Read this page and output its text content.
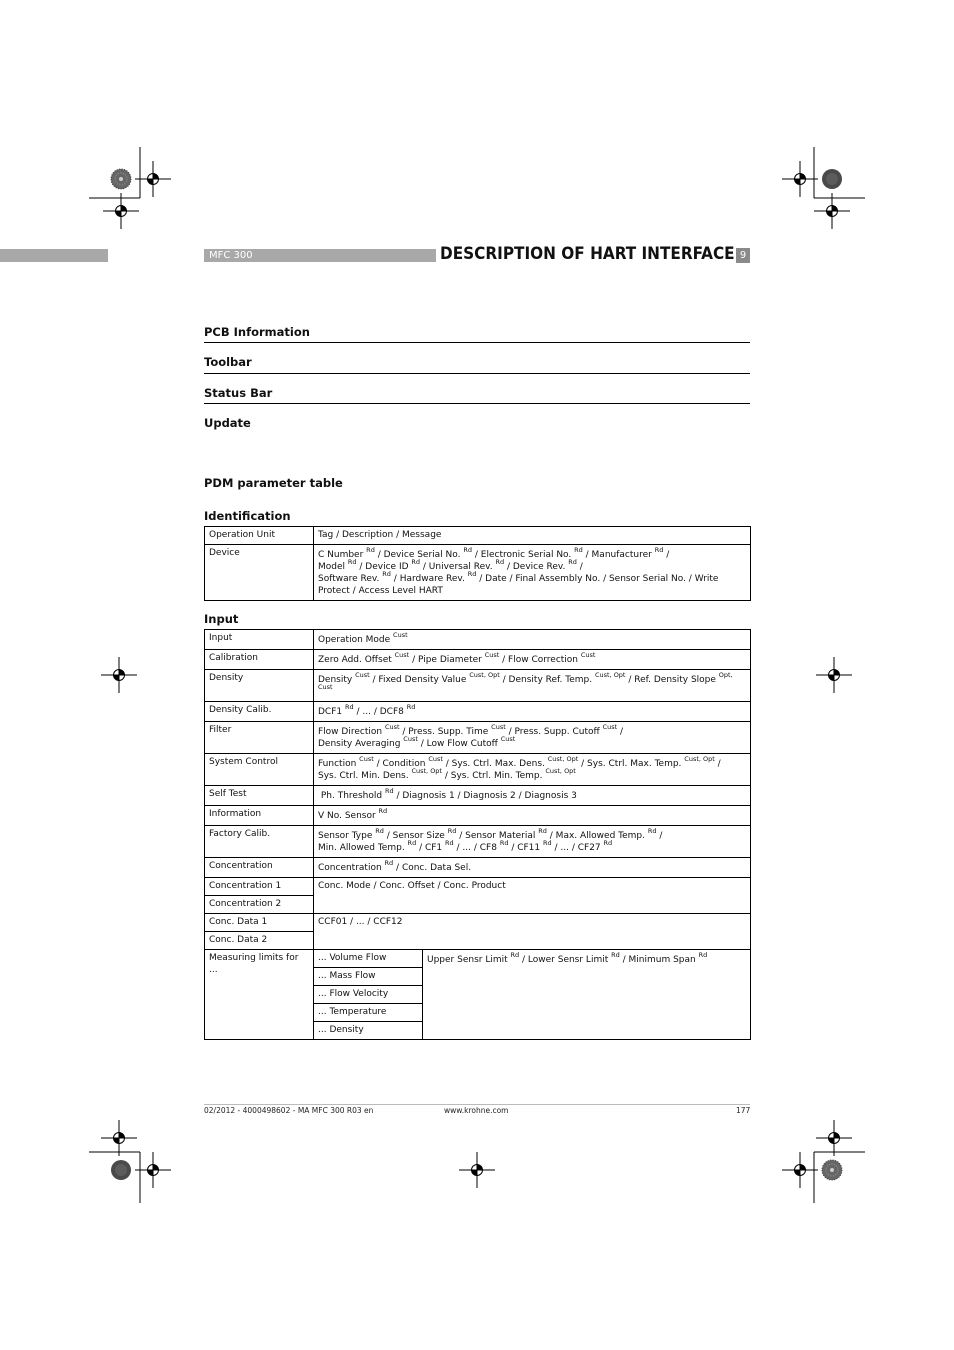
MFC 300	DESCRIPTION OF HART INTERFACE 9
PCB Information
Toolbar
Status Bar
Update
PDM parameter table
Identification
Operation Unit	Tag / Description / Message
Device	C Number $^{Rd}$ / Device Serial No. $^{Rd}$ / Electronic Serial No. $^{Rd}$ / Manufacturer $^{Rd}$ /
Model $^{Rd}$ / Device ID $^{Rd}$ / Universal Rev. $^{Rd}$ / Device Rev. $^{Rd}$ /
Software Rev. $^{Rd}$ / Hardware Rev. $^{Rd}$ / Date / Final Assembly No. / Sensor Serial No. / Write Protect / Access Level HART
Input
Input	Operation Mode $^{Cust}$
Calibration	Zero Add. Offset $^{Cust}$ / Pipe Diameter $^{Cust}$ / Flow Correction $^{Cust}$
Density	Density $^{Cust}$ / Fixed Density Value $^{Cust, Opt}$ / Density Ref. Temp. $^{Cust, Opt}$ / Ref. Density Slope $^{Opt, Cust}$
Density Calib.	DCF1 $^{Rd}$ / ... / DCF8 $^{Rd}$
Filter	Flow Direction $^{Cust}$ / Press. Supp. Time $^{Cust}$ / Press. Supp. Cutoff $^{Cust}$ /
Density Averaging $^{Cust}$ / Low Flow Cutoff $^{Cust}$
System Control	Function $^{Cust}$ / Condition $^{Cust}$ / Sys. Ctrl. Max. Dens. $^{Cust, Opt}$ / Sys. Ctrl. Max. Temp. $^{Cust, Opt}$ /
Sys. Ctrl. Min. Dens. $^{Cust, Opt}$ / Sys. Ctrl. Min. Temp. $^{Cust, Opt}$
Self Test	Ph. Threshold $^{Rd}$ / Diagnosis 1 / Diagnosis 2 / Diagnosis 3	
Information	V No. Sensor $^{Rd}$
Factory Calib.	Sensor Type $^{Rd}$ / Sensor Size $^{Rd}$ / Sensor Material $^{Rd}$ / Max. Allowed Temp. $^{Rd}$ /
Min. Allowed Temp. $^{Rd}$ / CF1 $^{Rd}$ / ... / CF8 $^{Rd}$ / CF11 $^{Rd}$ / ... / CF27 $^{Rd}$
Concentration	Concentration $^{Rd}$ / Conc. Data Sel.	
Concentration 1	Conc. Mode / Conc. Offset / Conc. Product	
Concentration 2		
Conc. Data 1	CCF01 / ... / CCF12	
Conc. Data 2		
Measuring limits for ...	... Volume Flow	Upper Sensr Limit $^{Rd}$ / Lower Sensr Limit $^{Rd}$ / Minimum Span $^{Rd}$
	... Mass Flow	
	... Flow Velocity	
	... Temperature	
	... Density	
02/2012 - 4000498602 - MA MFC 300 R03 en	www.krohne.com	177
